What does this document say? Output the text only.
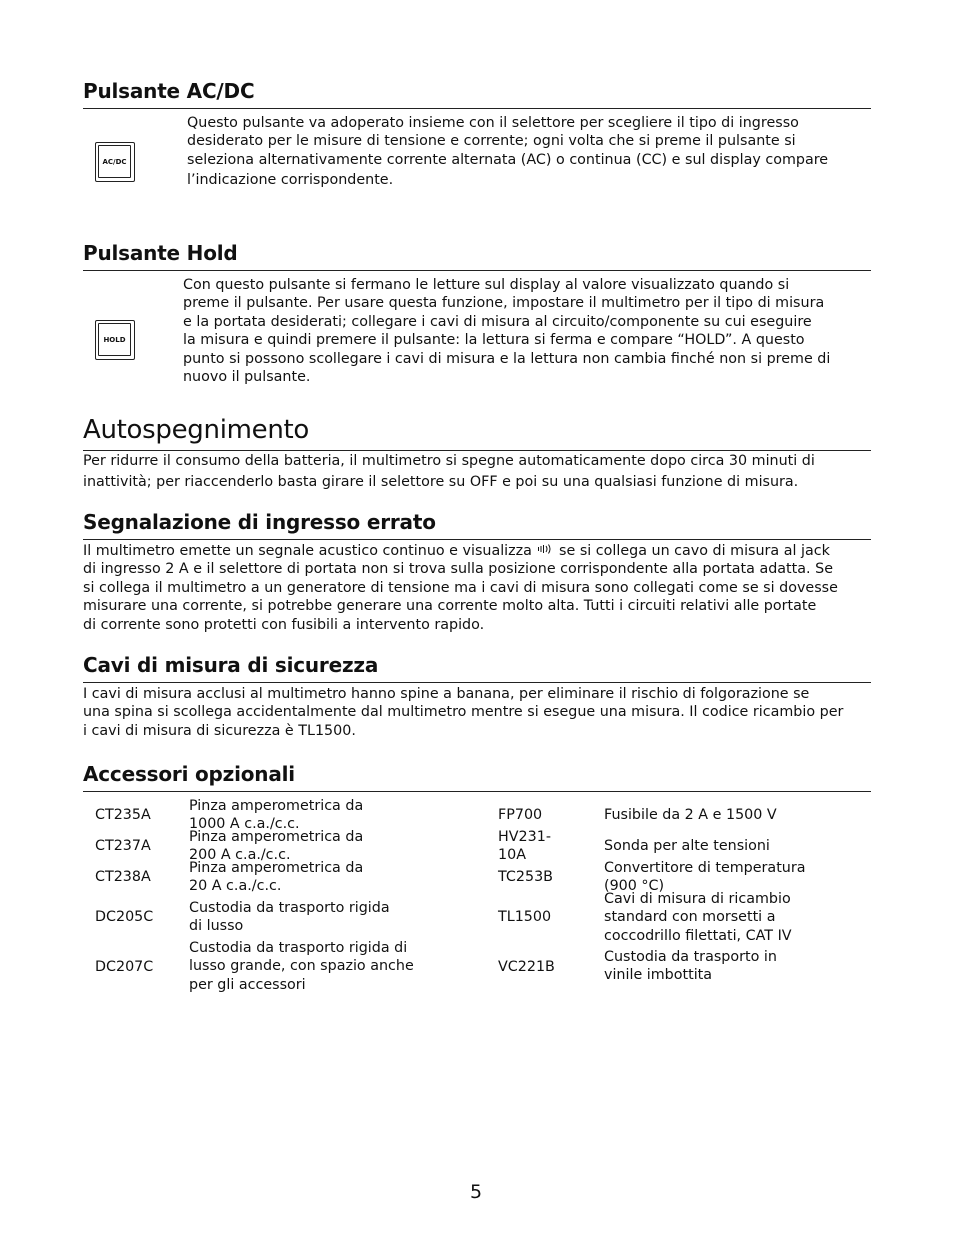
Pulsante AC/DC
AC/DC
Questo pulsante va adoperato insieme con il selettore per scegliere il tipo di ingresso
desiderato per le misure di tensione e corrente; ogni volta che si preme il pulsante si
seleziona alternativamente corrente alternata (AC) o continua (CC) e sul display compare
l’indicazione corrispondente.
Pulsante Hold
HOLD
Con questo pulsante si fermano le letture sul display al valore visualizzato quando si
preme il pulsante. Per usare questa funzione, impostare il multimetro per il tipo di misura
e la portata desiderati; collegare i cavi di misura al circuito/componente su cui eseguire
la misura e quindi premere il pulsante: la lettura si ferma e compare “HOLD”. A questo
punto si possono scollegare i cavi di misura e la lettura non cambia finché non si preme di
nuovo il pulsante.
Autospegnimento
Per ridurre il consumo della batteria, il multimetro si spegne automaticamente dopo circa 30 minuti di
inattività; per riaccenderlo basta girare il selettore su OFF e poi su una qualsiasi funzione di misura.
Segnalazione di ingresso errato
Il multimetro emette un segnale acustico continuo e visualizza se si collega un cavo di misura al jack
di ingresso 2 A e il selettore di portata non si trova sulla posizione corrispondente alla portata adatta. Se
si collega il multimetro a un generatore di tensione ma i cavi di misura sono collegati come se si dovesse
misurare una corrente, si potrebbe generare una corrente molto alta. Tutti i circuiti relativi alle portate
di corrente sono protetti con fusibili a intervento rapido.
Cavi di misura di sicurezza
I cavi di misura acclusi al multimetro hanno spine a banana, per eliminare il rischio di folgorazione se
una spina si scollega accidentalmente dal multimetro mentre si esegue una misura. Il codice ricambio per
i cavi di misura di sicurezza è TL1500.
Accessori opzionali
CT235A
Pinza amperometrica da
1000 A c.a./c.c.
CT237A
Pinza amperometrica da
200 A c.a./c.c.
CT238A
Pinza amperometrica da
20 A c.a./c.c.
DC205C
Custodia da trasporto rigida
di lusso
DC207C
Custodia da trasporto rigida di
lusso grande, con spazio anche
per gli accessori
FP700	Fusibile da 2 A e 1500 V
HV231-
10A
Sonda per alte tensioni
TC253B
Convertitore di temperatura
(900 °C)
TL1500
Cavi di misura di ricambio
standard con morsetti a
coccodrillo filettati, CAT IV
VC221B
Custodia da trasporto in
vinile imbottita
5
